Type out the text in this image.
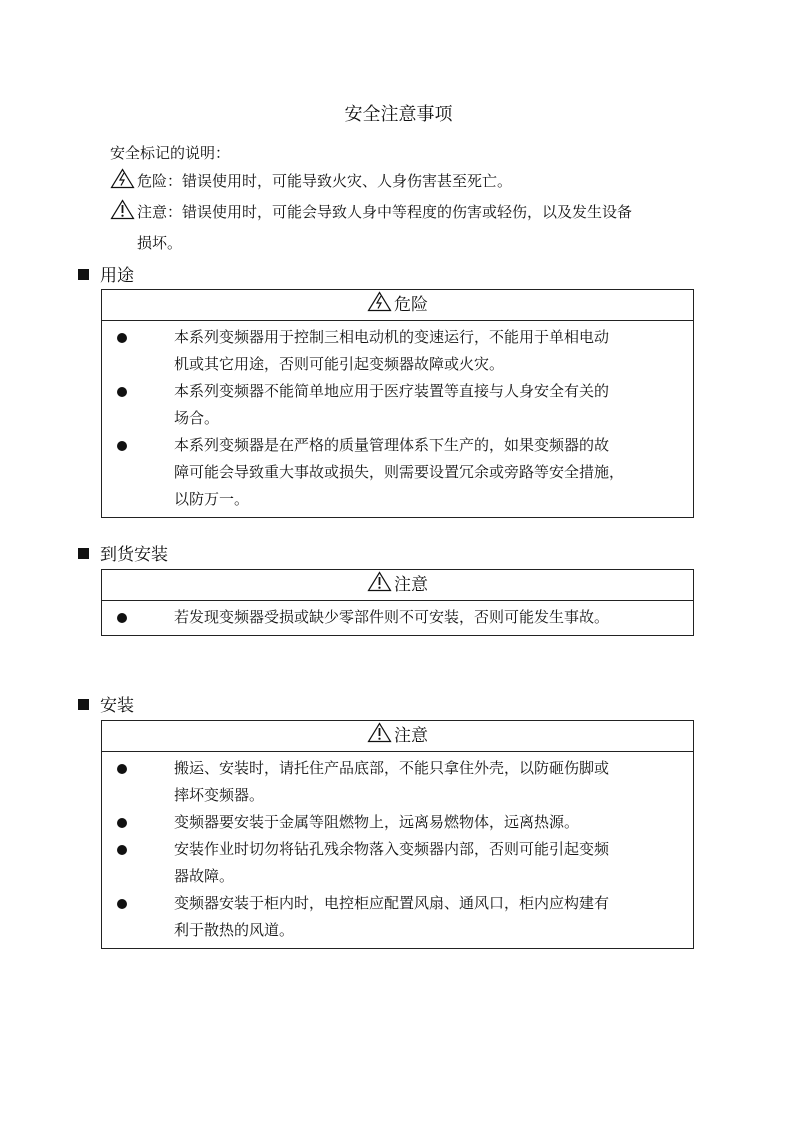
安全注意事项
安全标记的说明：
危险：错误使用时，可能导致火灾、人身伤害甚至死亡。
注意：错误使用时，可能会导致人身中等程度的伤害或轻伤，以及发生设备
损坏。
用途
危险
本系列变频器用于控制三相电动机的变速运行，不能用于单相电动
机或其它用途，否则可能引起变频器故障或火灾。
本系列变频器不能简单地应用于医疗装置等直接与人身安全有关的
场合。
本系列变频器是在严格的质量管理体系下生产的，如果变频器的故
障可能会导致重大事故或损失，则需要设置冗余或旁路等安全措施，
以防万一。
到货安装
注意
若发现变频器受损或缺少零部件则不可安装，否则可能发生事故。
安装
注意
搬运、安装时，请托住产品底部，不能只拿住外壳，以防砸伤脚或
摔坏变频器。
变频器要安装于金属等阻燃物上，远离易燃物体，远离热源。
安装作业时切勿将钻孔残余物落入变频器内部，否则可能引起变频
器故障。
变频器安装于柜内时，电控柜应配置风扇、通风口，柜内应构建有
利于散热的风道。
